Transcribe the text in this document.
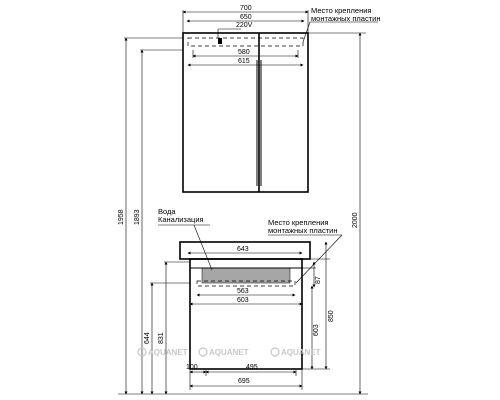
700
650
220V
580
615
Место крепления
монтажных пластин
643
563
603
100	495
695
87
603
850
Вода
Канализация	Место крепления
монтажных пластин
1958 1893
644 831
2000
AQUANET	AQUANET	AQUANET
